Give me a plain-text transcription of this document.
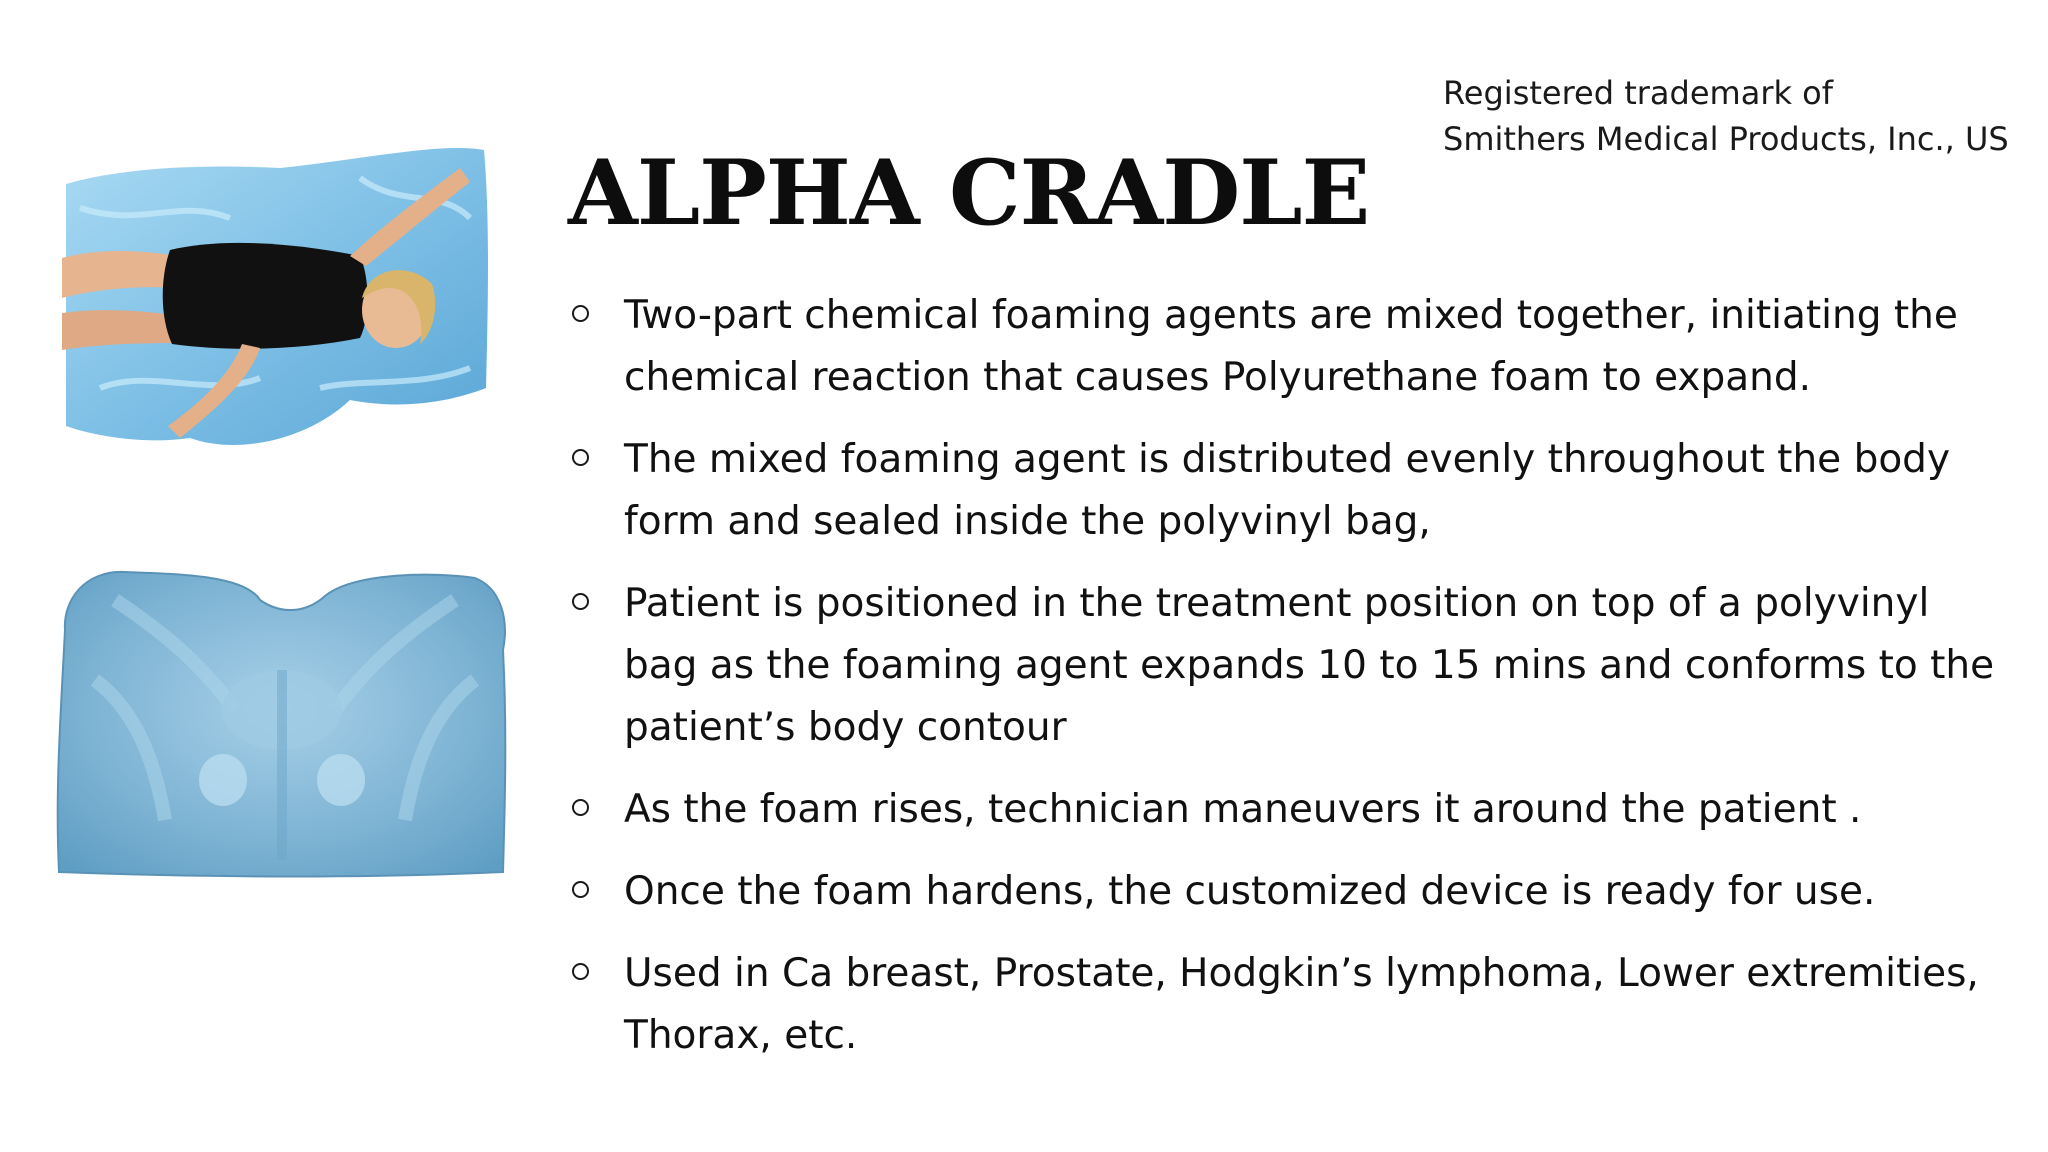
Registered trademark of
Smithers Medical Products, Inc., US
ALPHA CRADLE
Two-part chemical foaming agents are mixed together, initiating the chemical reaction that causes Polyurethane foam to expand.
The mixed foaming agent is distributed evenly throughout the body form and sealed inside the polyvinyl bag,
Patient is positioned in the treatment position on top of a polyvinyl bag as the foaming agent expands 10 to 15 mins and conforms to the patient’s body contour
As the foam rises, technician maneuvers it around the patient .
Once the foam hardens, the customized device is ready for use.
Used in Ca breast, Prostate, Hodgkin’s lymphoma, Lower extremities, Thorax, etc.
